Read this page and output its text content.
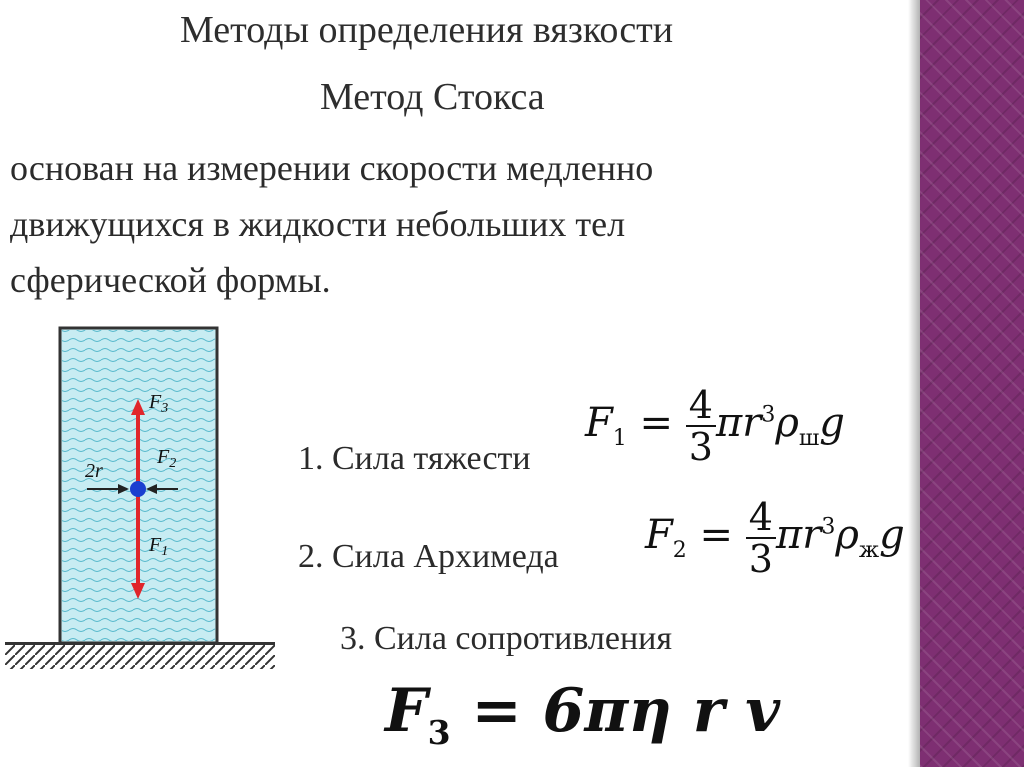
Методы определения вязкости
Метод Стокса
основан на измерении скорости медленно
движущихся в жидкости небольших тел
сферической формы.
$F_3$
$F_2$
$F_1$
2r	1. Сила тяжести
$F_1 = \frac{4}{3} \pi r^3\rho_шg$
2. Сила Архимеда $F_2 = \frac{4}{3} \pi r^3\rho_жg$
3. Сила сопротивления
$F_3 = 6\pi\eta$ r v
